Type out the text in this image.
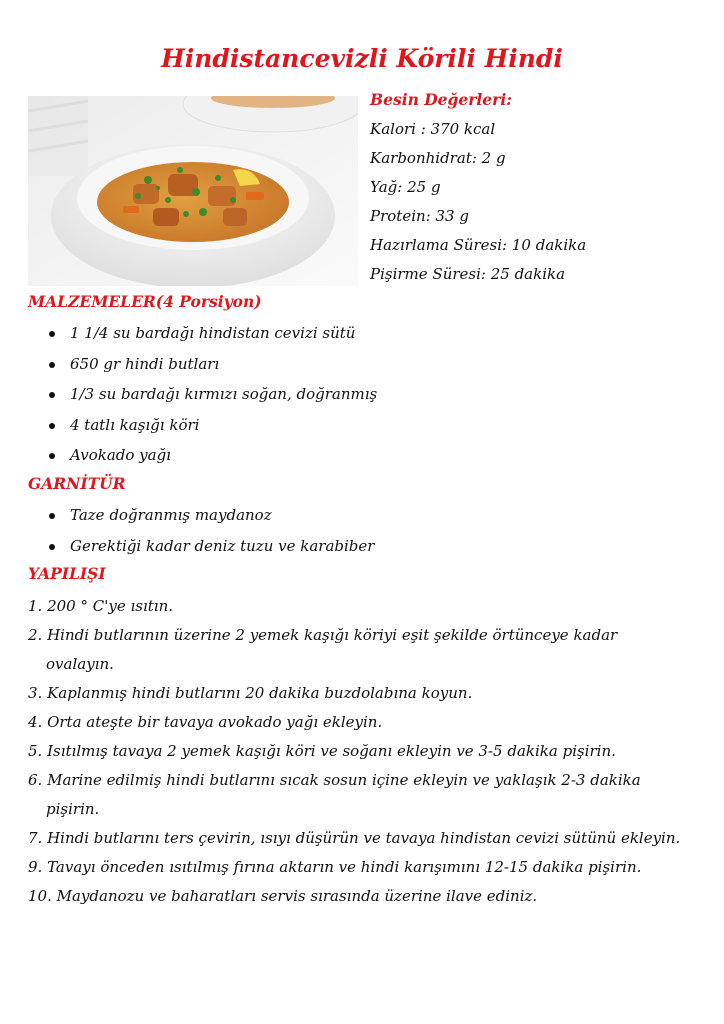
Hindistancevizli Körili Hindi
Besin Değerleri:
Kalori : 370 kcal
Karbonhidrat: 2 g
Yağ: 25 g
Protein: 33 g
Hazırlama Süresi: 10 dakika
Pişirme Süresi: 25 dakika
MALZEMELER(4 Porsiyon)
1 1/4 su bardağı hindistan cevizi sütü
650 gr hindi butları
1/3 su bardağı kırmızı soğan, doğranmış
4 tatlı kaşığı köri
Avokado yağı
GARNİTÜR
Taze doğranmış maydanoz
Gerektiği kadar deniz tuzu ve karabiber
YAPILIŞI
1. 200 ° C'ye ısıtın.
2. Hindi butlarının üzerine 2 yemek kaşığı köriyi eşit şekilde örtünceye kadar ovalayın.
3. Kaplanmış hindi butlarını 20 dakika buzdolabına koyun.
4. Orta ateşte bir tavaya avokado yağı ekleyin.
5. Isıtılmış tavaya 2 yemek kaşığı köri ve soğanı ekleyin ve 3-5 dakika pişirin.
6. Marine edilmiş hindi butlarını sıcak sosun içine ekleyin ve yaklaşık 2-3 dakika pişirin.
7. Hindi butlarını ters çevirin, ısıyı düşürün ve tavaya hindistan cevizi sütünü ekleyin.
9. Tavayı önceden ısıtılmış fırına aktarın ve hindi karışımını 12-15 dakika pişirin.
10. Maydanozu ve baharatları servis sırasında üzerine ilave ediniz.
